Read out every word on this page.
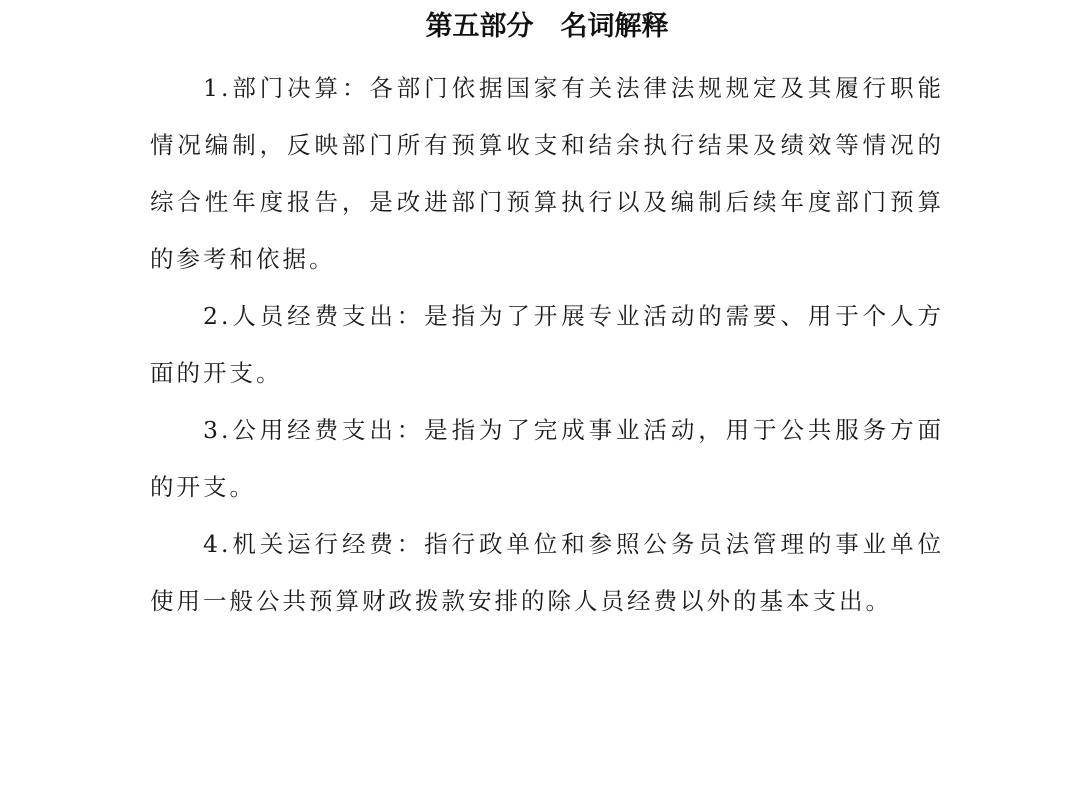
第五部分　名词解释

1.部门决算：各部门依据国家有关法律法规规定及其履行职能情况编制，反映部门所有预算收支和结余执行结果及绩效等情况的综合性年度报告，是改进部门预算执行以及编制后续年度部门预算的参考和依据。

2.人员经费支出：是指为了开展专业活动的需要、用于个人方面的开支。

3.公用经费支出：是指为了完成事业活动，用于公共服务方面的开支。

4.机关运行经费：指行政单位和参照公务员法管理的事业单位使用一般公共预算财政拨款安排的除人员经费以外的基本支出。
